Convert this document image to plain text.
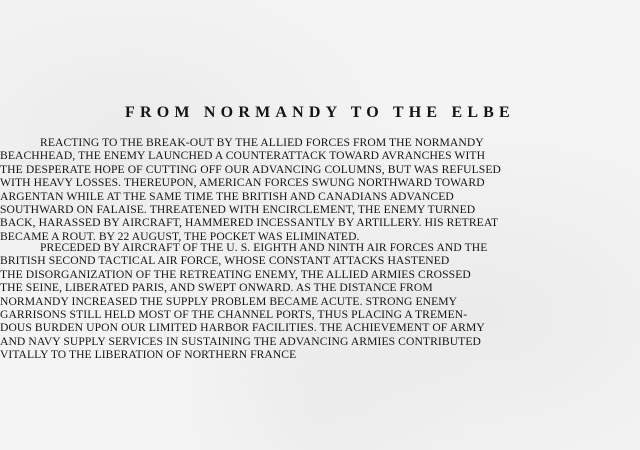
FROM NORMANDY TO THE ELBE
REACTING TO THE BREAK-OUT BY THE ALLIED FORCES FROM THE NORMANDY
BEACHHEAD, THE ENEMY LAUNCHED A COUNTERATTACK TOWARD AVRANCHES WITH
THE DESPERATE HOPE OF CUTTING OFF OUR ADVANCING COLUMNS, BUT WAS REFULSED
WITH HEAVY LOSSES. THEREUPON, AMERICAN FORCES SWUNG NORTHWARD TOWARD
ARGENTAN WHILE AT THE SAME TIME THE BRITISH AND CANADIANS ADVANCED
SOUTHWARD ON FALAISE. THREATENED WITH ENCIRCLEMENT, THE ENEMY TURNED
BACK, HARASSED BY AIRCRAFT, HAMMERED INCESSANTLY BY ARTILLERY. HIS RETREAT
BECAME A ROUT. BY 22 AUGUST, THE POCKET WAS ELIMINATED.
PRECEDED BY AIRCRAFT OF THE U. S. EIGHTH AND NINTH AIR FORCES AND THE
BRITISH SECOND TACTICAL AIR FORCE, WHOSE CONSTANT ATTACKS HASTENED
THE DISORGANIZATION OF THE RETREATING ENEMY, THE ALLIED ARMIES CROSSED
THE SEINE, LIBERATED PARIS, AND SWEPT ONWARD. AS THE DISTANCE FROM
NORMANDY INCREASED THE SUPPLY PROBLEM BECAME ACUTE. STRONG ENEMY
GARRISONS STILL HELD MOST OF THE CHANNEL PORTS, THUS PLACING A TREMEN-
DOUS BURDEN UPON OUR LIMITED HARBOR FACILITIES. THE ACHIEVEMENT OF ARMY
AND NAVY SUPPLY SERVICES IN SUSTAINING THE ADVANCING ARMIES CONTRIBUTED
VITALLY TO THE LIBERATION OF NORTHERN FRANCE
